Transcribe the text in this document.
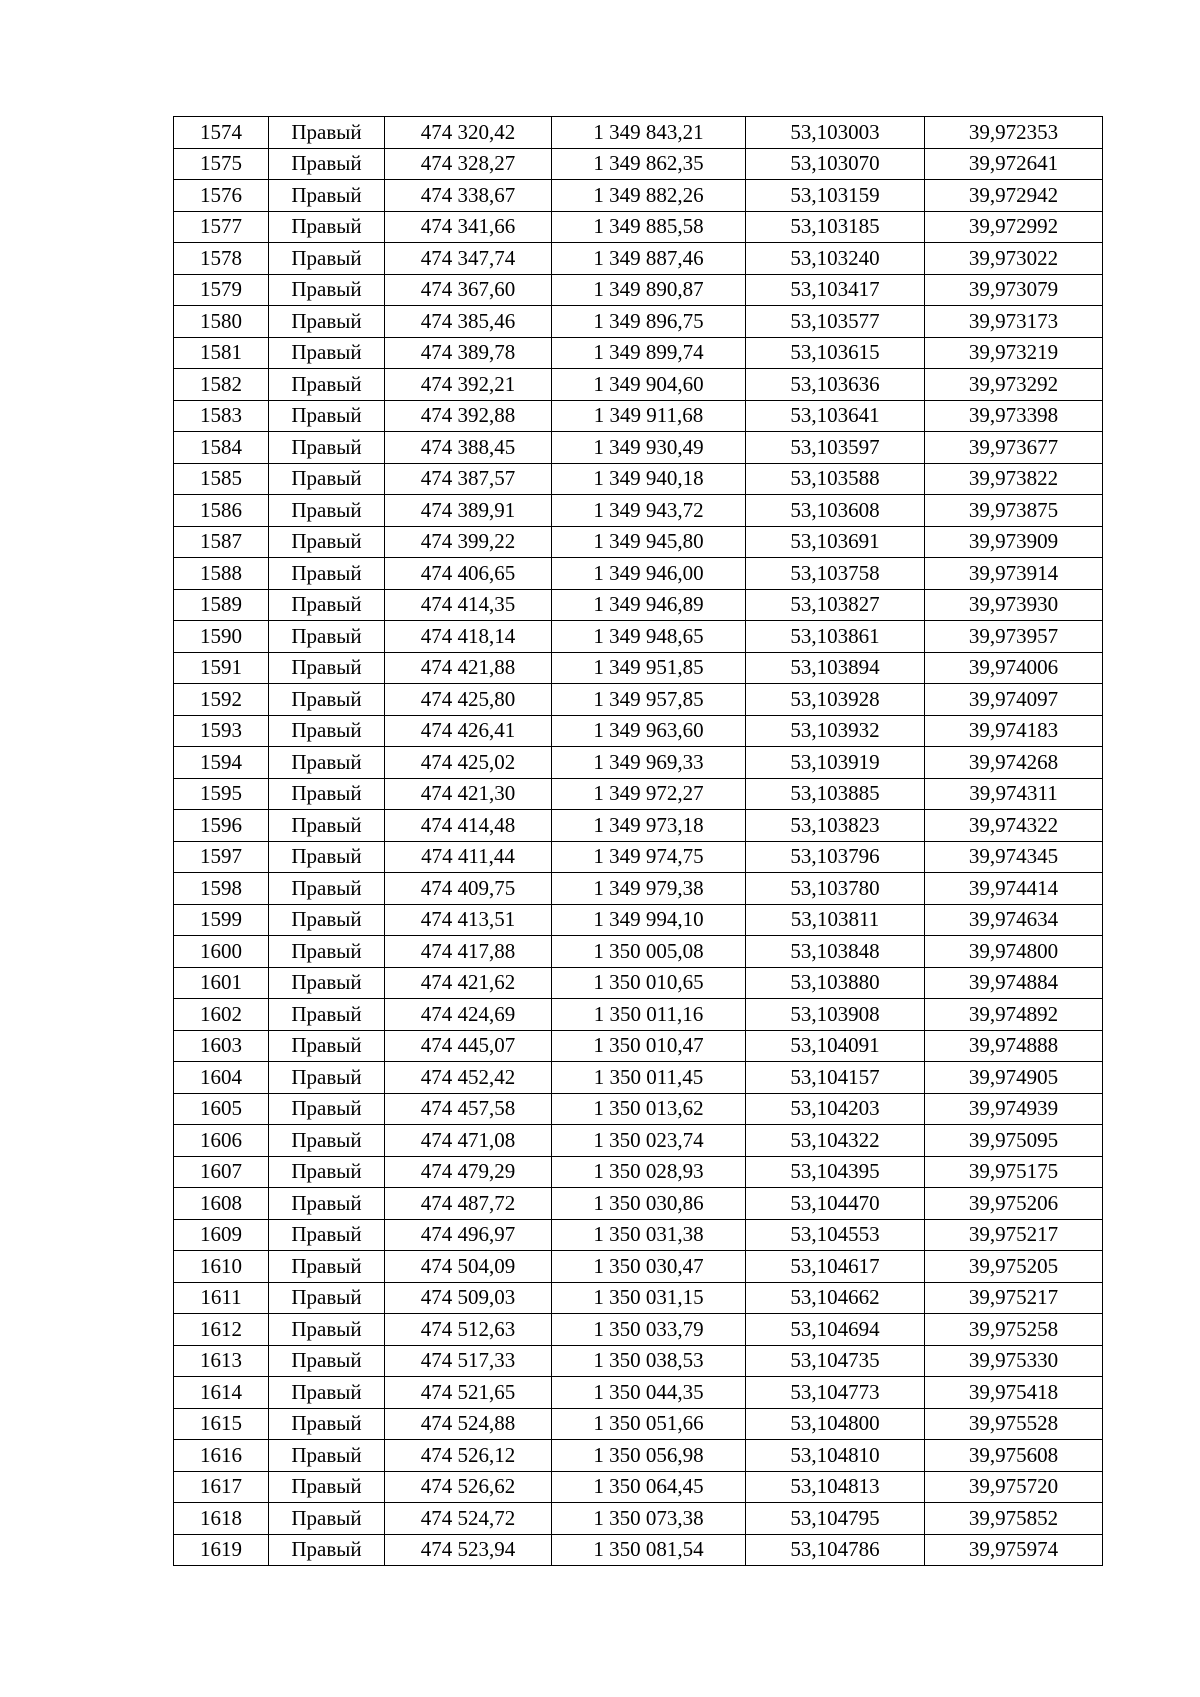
1574	Правый	474 320,42	1 349 843,21	53,103003	39,972353
1575	Правый	474 328,27	1 349 862,35	53,103070	39,972641
1576	Правый	474 338,67	1 349 882,26	53,103159	39,972942
1577	Правый	474 341,66	1 349 885,58	53,103185	39,972992
1578	Правый	474 347,74	1 349 887,46	53,103240	39,973022
1579	Правый	474 367,60	1 349 890,87	53,103417	39,973079
1580	Правый	474 385,46	1 349 896,75	53,103577	39,973173
1581	Правый	474 389,78	1 349 899,74	53,103615	39,973219
1582	Правый	474 392,21	1 349 904,60	53,103636	39,973292
1583	Правый	474 392,88	1 349 911,68	53,103641	39,973398
1584	Правый	474 388,45	1 349 930,49	53,103597	39,973677
1585	Правый	474 387,57	1 349 940,18	53,103588	39,973822
1586	Правый	474 389,91	1 349 943,72	53,103608	39,973875
1587	Правый	474 399,22	1 349 945,80	53,103691	39,973909
1588	Правый	474 406,65	1 349 946,00	53,103758	39,973914
1589	Правый	474 414,35	1 349 946,89	53,103827	39,973930
1590	Правый	474 418,14	1 349 948,65	53,103861	39,973957
1591	Правый	474 421,88	1 349 951,85	53,103894	39,974006
1592	Правый	474 425,80	1 349 957,85	53,103928	39,974097
1593	Правый	474 426,41	1 349 963,60	53,103932	39,974183
1594	Правый	474 425,02	1 349 969,33	53,103919	39,974268
1595	Правый	474 421,30	1 349 972,27	53,103885	39,974311
1596	Правый	474 414,48	1 349 973,18	53,103823	39,974322
1597	Правый	474 411,44	1 349 974,75	53,103796	39,974345
1598	Правый	474 409,75	1 349 979,38	53,103780	39,974414
1599	Правый	474 413,51	1 349 994,10	53,103811	39,974634
1600	Правый	474 417,88	1 350 005,08	53,103848	39,974800
1601	Правый	474 421,62	1 350 010,65	53,103880	39,974884
1602	Правый	474 424,69	1 350 011,16	53,103908	39,974892
1603	Правый	474 445,07	1 350 010,47	53,104091	39,974888
1604	Правый	474 452,42	1 350 011,45	53,104157	39,974905
1605	Правый	474 457,58	1 350 013,62	53,104203	39,974939
1606	Правый	474 471,08	1 350 023,74	53,104322	39,975095
1607	Правый	474 479,29	1 350 028,93	53,104395	39,975175
1608	Правый	474 487,72	1 350 030,86	53,104470	39,975206
1609	Правый	474 496,97	1 350 031,38	53,104553	39,975217
1610	Правый	474 504,09	1 350 030,47	53,104617	39,975205
1611	Правый	474 509,03	1 350 031,15	53,104662	39,975217
1612	Правый	474 512,63	1 350 033,79	53,104694	39,975258
1613	Правый	474 517,33	1 350 038,53	53,104735	39,975330
1614	Правый	474 521,65	1 350 044,35	53,104773	39,975418
1615	Правый	474 524,88	1 350 051,66	53,104800	39,975528
1616	Правый	474 526,12	1 350 056,98	53,104810	39,975608
1617	Правый	474 526,62	1 350 064,45	53,104813	39,975720
1618	Правый	474 524,72	1 350 073,38	53,104795	39,975852
1619	Правый	474 523,94	1 350 081,54	53,104786	39,975974
